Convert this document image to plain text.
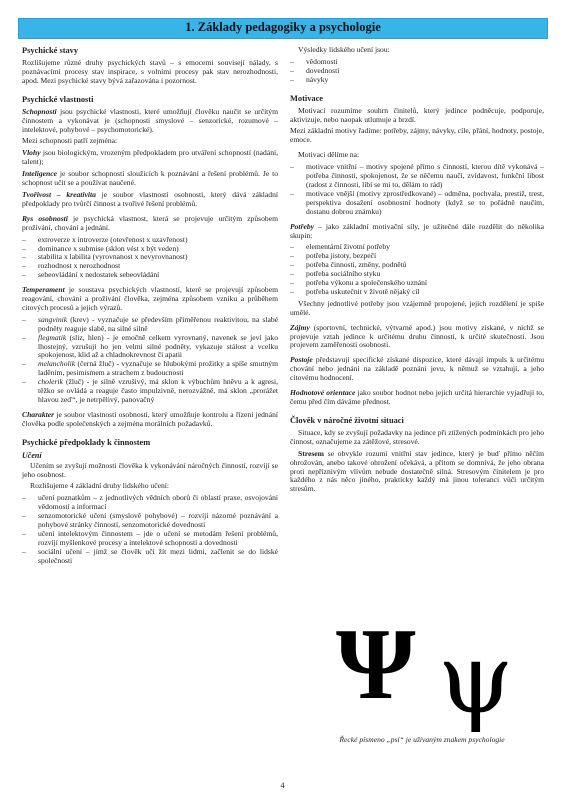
1. Základy pedagogiky a psychologie
Psychické stavy

Rozlišujeme různé druhy psychických stavů – s emocemi souvisejí nálady, s poznávacími procesy stav inspirace, s volními procesy pak stav nerozhodnosti, apod. Mezi psychické stavy bývá zařazována i pozornost.

Psychické vlastnosti

Schopnosti jsou psychické vlastnosti, které umožňují člověku naučit se určitým činnostem a vykonávat je (schopnosti smyslové – senzorické, rozumové – intelektové, pohybové – psychomotorické).

Mezi schopnosti patří zejména:

Vlohy jsou biologickým, vrozeným předpokladem pro utváření schopností (nadání, talent);

Inteligence je soubor schopností sloužících k poznávání a řešení problémů. Je to schopnost učit se a používat naučené.

Tvořivost – kreativita je soubor vlastností osobnosti, který dává základní předpoklady pro tvůrčí činnost a tvořivé řešení problémů.

Rys osobnosti je psychická vlastnost, která se projevuje určitým způsobem prožívání, chování a jednání.

– extroverze x introverze (otevřenost x uzavřenost)
– dominance x submise (sklon vést x být veden)
– stabilita x labilita (vyrovnanost x nevyrovnanost)
– rozhodnost x nerozhodnost
– sebeovládání x nedostatek sebeovládání

Temperament je soustava psychických vlastností, které se projevují způsobem reagování, chování a prožívání člověka, zejména způsobem vzniku a průběhem citových procesů a jejich výrazů.

– sangvinik (krev) - vyznačuje se především přiměřenou reaktivitou, na slabé podněty reaguje slabě, na silné silně
– flegmatik (sliz, hlen) - je emočně celkem vyrovnaný, navenek se jeví jako lhostejný, vzrušují ho jen velmi silné podněty, vykazuje stálost a vcelku spokojenost, klid až a chladnokrevnost či apatii
– melancholik (černá žluč) - vyznačuje se hlubokými prožitky a spíše smutným laděním, pesimismem a strachem z budoucnosti
– cholerik (žluč) - je silně vzrušivý, má sklon k výbuchům hněvu a k agresi, těžko se ovládá a reaguje často impulzivně, nerozvážně, má sklon „prorážet hlavou zeď“, je netrpělivý, panovačný

Charakter je soubor vlastností osobnosti, který umožňuje kontrolu a řízení jednání člověka podle společenských a zejména morálních požadavků.

Psychické předpoklady k činnostem
Učení

Učením se zvyšují možnosti člověka k vykonávání náročných činností, rozvíjí se jeho osobnost.

Rozlišujeme 4 základní druhy lidského učení:

– učení poznatkům – z jednotlivých vědních oborů či oblastí praxe, osvojování vědomostí a informací
– senzomotorické učení (smyslově pohybové) – rozvíjí názorné poznávání a pohybové stránky činností, senzomotorické dovednosti
– učení intelektovým činnostem – jde o učení se metodám řešení problémů, rozvíjí myšlenkové procesy a intelektové schopnosti a dovednosti
– sociální učení – jímž se člověk učí žít mezi lidmi, začlenit se do lidské společnosti

Výsledky lidského učení jsou:

– vědomosti
– dovednosti
– návyky
Motivace

Motivací rozumíme souhrn činitelů, který jedince podněcuje, podporuje, aktivizuje, nebo naopak utlumuje a brzdí.

Mezi základní motivy řadíme: potřeby, zájmy, návyky, cíle, přání, hodnoty, postoje, emoce.

Motivaci dělíme na:

– motivace vnitřní – motivy spojené přímo s činností, kterou dítě vykonává – potřeba činnosti, spokojenost, že se něčemu naučí, zvídavost, funkční libost (radost z činnosti, líbí se mi to, dělám to rád)
– motivace vnější (motivy zprostředkované) – odměna, pochvala, prestiž, trest, perspektiva dosažení osobnostní hodnoty (když se to pořádně naučím, dostanu dobrou známku)

Potřeby – jako základní motivační síly, je užitečné dále rozdělit do několika skupin:

– elementární životní potřeby
– potřeba jistoty, bezpečí
– potřeba činnosti, změny, podnětů
– potřeba sociálního styku
– potřeba výkonu a společenského uznání
– potřeba uskutečnit v životě nějaký cíl

Všechny jednotlivé potřeby jsou vzájemně propojené, jejich rozdělení je spíše umělé.

Zájmy (sportovní, technické, výtvarné apod.) jsou motivy získané, v nichž se projevuje vztah jedince k určitému druhu činností, k určité skutečnosti. Jsou projevem zaměřenosti osobnosti.

Postoje představují specifické získané dispozice, které dávají impuls k určitému chování nebo jednání na základě poznání jevu, k němuž se vztahují, a jeho citovému hodnocení.

Hodnotové orientace jako soubor hodnot nebo jejich určitá hierarchie vyjadřují to, čemu před čím dáváme přednost.

Člověk v náročné životní situaci

Situace, kdy se zvyšují požadavky na jedince při ztížených podmínkách pro jeho činnost, označujeme za zátěžové, stresové.

Stresem se obvykle rozumí vnitřní stav jedince, který je buď přímo něčím ohrožován, anebo takové ohrožení očekává, a přitom se domnívá, že jeho obrana proti nepříznivým vlivům nebude dostatečně silná. Stresovým činitelem je pro každého z nás něco jiného, prakticky každý má jinou toleranci vůči určitým stresům.

Ψ ψ
Řecké písmeno „psí“ je užívaným znakem psychologie
4
